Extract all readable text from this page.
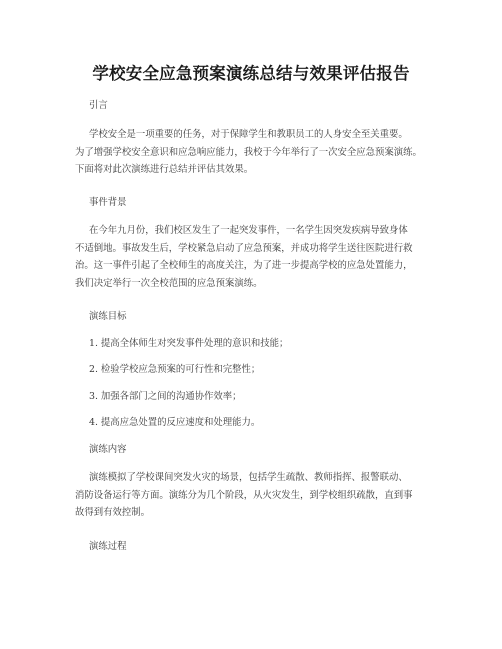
学校安全应急预案演练总结与效果评估报告
引言
学校安全是一项重要的任务，对于保障学生和教职员工的人身安全至关重要。
为了增强学校安全意识和应急响应能力，我校于今年举行了一次安全应急预案演练。
下面将对此次演练进行总结并评估其效果。
事件背景
在今年九月份，我们校区发生了一起突发事件，一名学生因突发疾病导致身体
不适倒地。事故发生后，学校紧急启动了应急预案，并成功将学生送往医院进行救
治。这一事件引起了全校师生的高度关注，为了进一步提高学校的应急处置能力，
我们决定举行一次全校范围的应急预案演练。
演练目标
1. 提高全体师生对突发事件处理的意识和技能；
2. 检验学校应急预案的可行性和完整性；
3. 加强各部门之间的沟通协作效率；
4. 提高应急处置的反应速度和处理能力。
演练内容
演练模拟了学校课间突发火灾的场景，包括学生疏散、教师指挥、报警联动、
消防设备运行等方面。演练分为几个阶段，从火灾发生，到学校组织疏散，直到事
故得到有效控制。
演练过程
